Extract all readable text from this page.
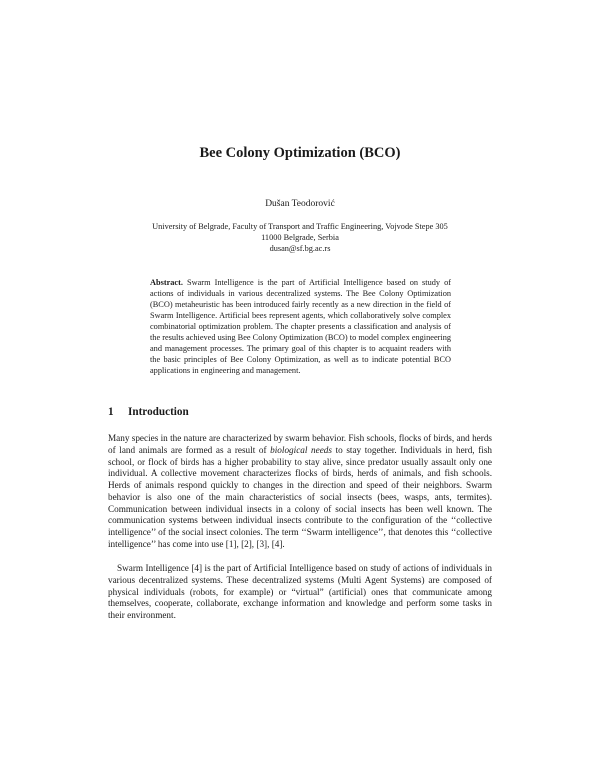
Bee Colony Optimization (BCO)
Dušan Teodorović
University of Belgrade, Faculty of Transport and Traffic Engineering, Vojvode Stepe 305
11000 Belgrade, Serbia
dusan@sf.bg.ac.rs

Abstract. Swarm Intelligence is the part of Artificial Intelligence based on study of actions of individuals in various decentralized systems. The Bee Colony Optimization (BCO) metaheuristic has been introduced fairly recently as a new direction in the field of Swarm Intelligence. Artificial bees represent agents, which collaboratively solve complex combinatorial optimization problem. The chapter presents a classification and analysis of the results achieved using Bee Colony Optimization (BCO) to model complex engineering and management processes. The primary goal of this chapter is to acquaint readers with the basic principles of Bee Colony Optimization, as well as to indicate potential BCO applications in engineering and management.

1 Introduction

Many species in the nature are characterized by swarm behavior. Fish schools, flocks of birds, and herds of land animals are formed as a result of biological needs to stay together. Individuals in herd, fish school, or flock of birds has a higher probability to stay alive, since predator usually assault only one individual. A collective movement characterizes flocks of birds, herds of animals, and fish schools. Herds of animals respond quickly to changes in the direction and speed of their neighbors. Swarm behavior is also one of the main characteristics of social insects (bees, wasps, ants, termites). Communication between individual insects in a colony of social insects has been well known. The communication systems between individual insects contribute to the configuration of the ‘‘collective intelligence’’ of the social insect colonies. The term ‘‘Swarm intelligence’’, that denotes this ‘‘collective intelligence’’ has come into use [1], [2], [3], [4].

Swarm Intelligence [4] is the part of Artificial Intelligence based on study of actions of individuals in various decentralized systems. These decentralized systems (Multi Agent Systems) are composed of physical individuals (robots, for example) or “virtual” (artificial) ones that communicate among themselves, cooperate, collaborate, exchange information and knowledge and perform some tasks in their environment.
